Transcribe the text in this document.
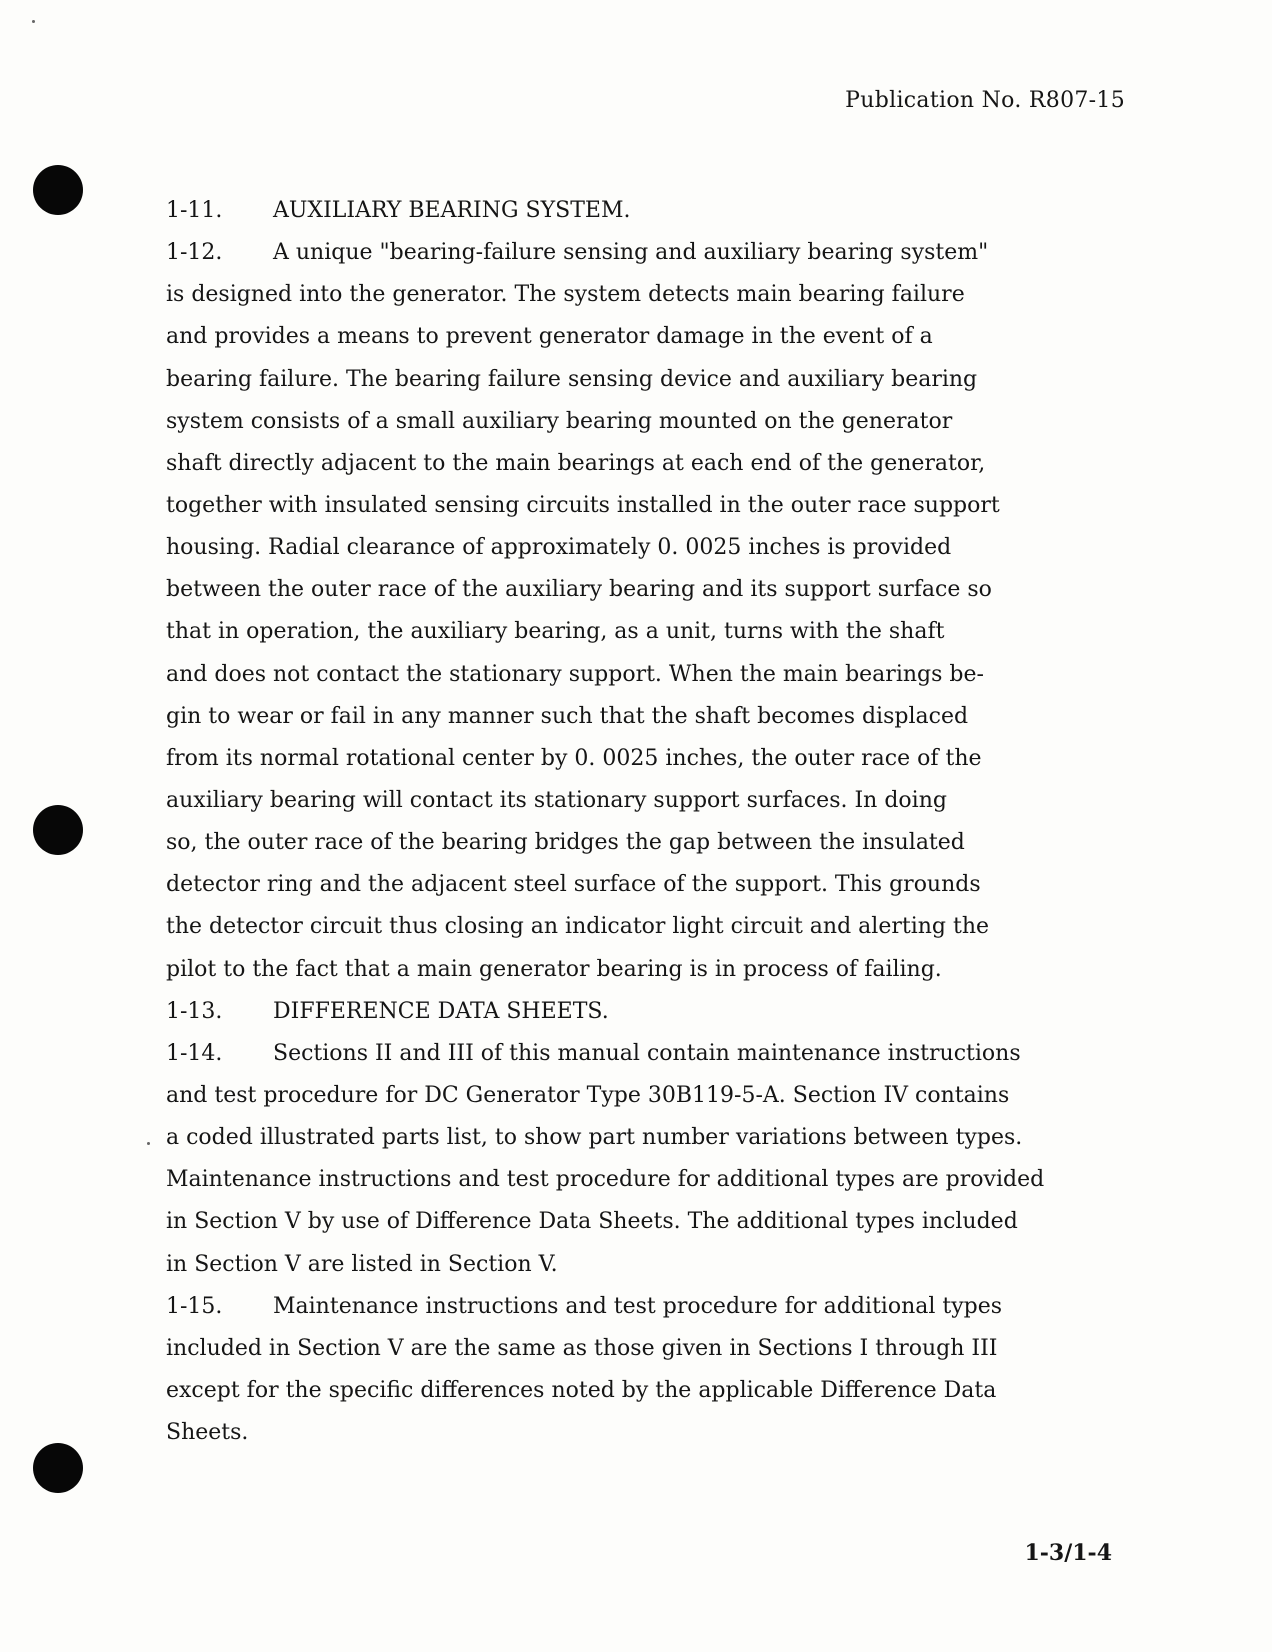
Publication No. R807-15
1-11. AUXILIARY BEARING SYSTEM.
1-12. A unique "bearing-failure sensing and auxiliary bearing system"
is designed into the generator. The system detects main bearing failure
and provides a means to prevent generator damage in the event of a
bearing failure. The bearing failure sensing device and auxiliary bearing
system consists of a small auxiliary bearing mounted on the generator
shaft directly adjacent to the main bearings at each end of the generator,
together with insulated sensing circuits installed in the outer race support
housing. Radial clearance of approximately 0. 0025 inches is provided
between the outer race of the auxiliary bearing and its support surface so
that in operation, the auxiliary bearing, as a unit, turns with the shaft
and does not contact the stationary support. When the main bearings be-
gin to wear or fail in any manner such that the shaft becomes displaced
from its normal rotational center by 0. 0025 inches, the outer race of the
auxiliary bearing will contact its stationary support surfaces. In doing
so, the outer race of the bearing bridges the gap between the insulated
detector ring and the adjacent steel surface of the support. This grounds
the detector circuit thus closing an indicator light circuit and alerting the
pilot to the fact that a main generator bearing is in process of failing.
1-13. DIFFERENCE DATA SHEETS.
1-14. Sections II and III of this manual contain maintenance instructions
and test procedure for DC Generator Type 30B119-5-A. Section IV contains
a coded illustrated parts list, to show part number variations between types.
Maintenance instructions and test procedure for additional types are provided
in Section V by use of Difference Data Sheets. The additional types included
in Section V are listed in Section V.
1-15. Maintenance instructions and test procedure for additional types
included in Section V are the same as those given in Sections I through III
except for the specific differences noted by the applicable Difference Data
Sheets.
1-3/1-4
